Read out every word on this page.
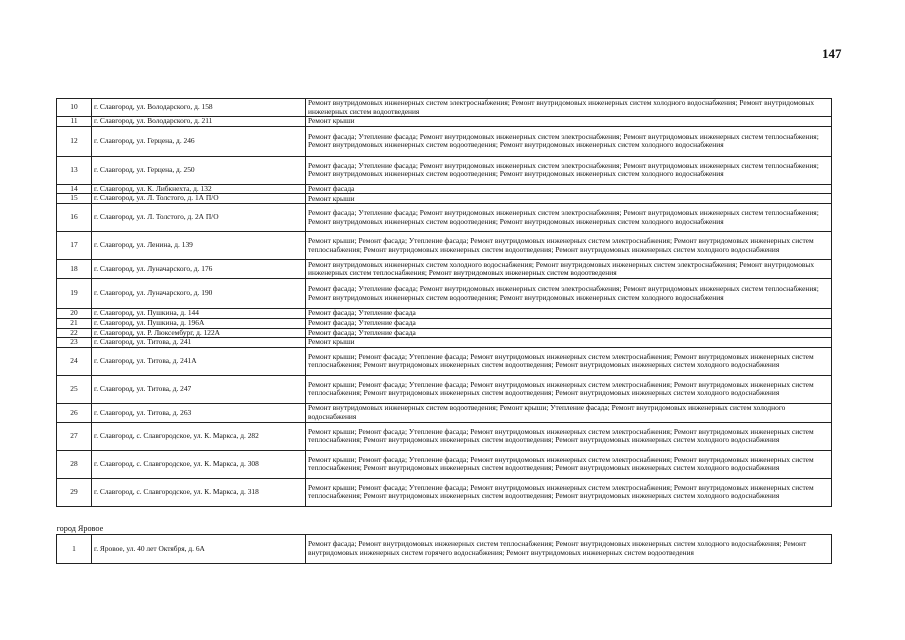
147
10	г. Славгород, ул. Володарского, д. 158	Ремонт внутридомовых инженерных систем электроснабжения; Ремонт внутридомовых инженерных систем холодного водоснабжения; Ремонт внутридомовых инженерных систем водоотведения
11	г. Славгород, ул. Володарского, д. 211	Ремонт крыши
12	г. Славгород, ул. Герцена, д. 246	Ремонт фасада; Утепление фасада; Ремонт внутридомовых инженерных систем электроснабжения; Ремонт внутридомовых инженерных систем теплоснабжения; Ремонт внутридомовых инженерных систем водоотведения; Ремонт внутридомовых инженерных систем холодного водоснабжения
13	г. Славгород, ул. Герцена, д. 250	Ремонт фасада; Утепление фасада; Ремонт внутридомовых инженерных систем электроснабжения; Ремонт внутридомовых инженерных систем теплоснабжения; Ремонт внутридомовых инженерных систем водоотведения; Ремонт внутридомовых инженерных систем холодного водоснабжения
14	г. Славгород, ул. К. Либкнехта, д. 132	Ремонт фасада
15	г. Славгород, ул. Л. Толстого, д. 1А П/О	Ремонт крыши
16	г. Славгород, ул. Л. Толстого, д. 2А П/О	Ремонт фасада; Утепление фасада; Ремонт внутридомовых инженерных систем электроснабжения; Ремонт внутридомовых инженерных систем теплоснабжения; Ремонт внутридомовых инженерных систем водоотведения; Ремонт внутридомовых инженерных систем холодного водоснабжения
17	г. Славгород, ул. Ленина, д. 139	Ремонт крыши; Ремонт фасада; Утепление фасада; Ремонт внутридомовых инженерных систем электроснабжения; Ремонт внутридомовых инженерных систем теплоснабжения; Ремонт внутридомовых инженерных систем водоотведения; Ремонт внутридомовых инженерных систем холодного водоснабжения
18	г. Славгород, ул. Луначарского, д. 176	Ремонт внутридомовых инженерных систем холодного водоснабжения; Ремонт внутридомовых инженерных систем электроснабжения; Ремонт внутридомовых инженерных систем теплоснабжения; Ремонт внутридомовых инженерных систем водоотведения
19	г. Славгород, ул. Луначарского, д. 190	Ремонт фасада; Утепление фасада; Ремонт внутридомовых инженерных систем электроснабжения; Ремонт внутридомовых инженерных систем теплоснабжения; Ремонт внутридомовых инженерных систем водоотведения; Ремонт внутридомовых инженерных систем холодного водоснабжения
20	г. Славгород, ул. Пушкина, д. 144	Ремонт фасада; Утепление фасада
21	г. Славгород, ул. Пушкина, д. 196А	Ремонт фасада; Утепление фасада
22	г. Славгород, ул. Р. Люксембург, д. 122А	Ремонт фасада; Утепление фасада
23	г. Славгород, ул. Титова, д. 241	Ремонт крыши
24	г. Славгород, ул. Титова, д. 241А	Ремонт крыши; Ремонт фасада; Утепление фасада; Ремонт внутридомовых инженерных систем электроснабжения; Ремонт внутридомовых инженерных систем теплоснабжения; Ремонт внутридомовых инженерных систем водоотведения; Ремонт внутридомовых инженерных систем холодного водоснабжения
25	г. Славгород, ул. Титова, д. 247	Ремонт крыши; Ремонт фасада; Утепление фасада; Ремонт внутридомовых инженерных систем электроснабжения; Ремонт внутридомовых инженерных систем теплоснабжения; Ремонт внутридомовых инженерных систем водоотведения; Ремонт внутридомовых инженерных систем холодного водоснабжения
26	г. Славгород, ул. Титова, д. 263	Ремонт внутридомовых инженерных систем водоотведения; Ремонт крыши; Утепление фасада; Ремонт внутридомовых инженерных систем холодного водоснабжения
27	г. Славгород, с. Славгородское, ул. К. Маркса, д. 282	Ремонт крыши; Ремонт фасада; Утепление фасада; Ремонт внутридомовых инженерных систем электроснабжения; Ремонт внутридомовых инженерных систем теплоснабжения; Ремонт внутридомовых инженерных систем водоотведения; Ремонт внутридомовых инженерных систем холодного водоснабжения
28	г. Славгород, с. Славгородское, ул. К. Маркса, д. 308	Ремонт крыши; Ремонт фасада; Утепление фасада; Ремонт внутридомовых инженерных систем электроснабжения; Ремонт внутридомовых инженерных систем теплоснабжения; Ремонт внутридомовых инженерных систем водоотведения; Ремонт внутридомовых инженерных систем холодного водоснабжения
29	г. Славгород, с. Славгородское, ул. К. Маркса, д. 318	Ремонт крыши; Ремонт фасада; Утепление фасада; Ремонт внутридомовых инженерных систем электроснабжения; Ремонт внутридомовых инженерных систем теплоснабжения; Ремонт внутридомовых инженерных систем водоотведения; Ремонт внутридомовых инженерных систем холодного водоснабжения
город Яровое		
1	г. Яровое, ул. 40 лет Октября, д. 6А	Ремонт фасада; Ремонт внутридомовых инженерных систем теплоснабжения; Ремонт внутридомовых инженерных систем холодного водоснабжения; Ремонт внутридомовых инженерных систем горячего водоснабжения; Ремонт внутридомовых инженерных систем водоотведения
